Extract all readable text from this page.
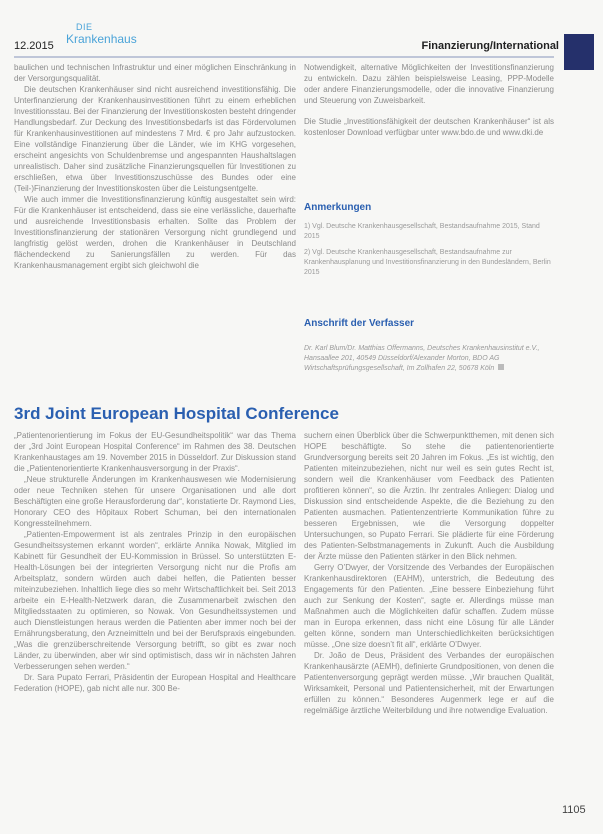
12.2015
DIE
Krankenhaus	Finanzierung/International

baulichen und technischen Infrastruktur und einer möglichen Einschränkung in der Versorgungsqualität.

Die deutschen Krankenhäuser sind nicht ausreichend investitionsfähig. Die Unterfinanzierung der Krankenhausinvestitionen führt zu einem erheblichen Investitionsstau. Bei der Finanzierung der Investitionskosten besteht dringender Handlungsbedarf. Zur Deckung des Investitionsbedarfs ist das Fördervolumen für Krankenhausinvestitionen auf mindestens 7 Mrd. € pro Jahr aufzustocken. Eine vollständige Finanzierung über die Länder, wie im KHG vorgesehen, erscheint angesichts von Schuldenbremse und angespannten Haushaltslagen unrealistisch. Daher sind zusätzliche Finanzierungsquellen für Investitionen zu erschließen, etwa über Investitionszuschüsse des Bundes oder eine (Teil-)Finanzierung der Investitionskosten über die Leistungsentgelte.

Wie auch immer die Investitionsfinanzierung künftig ausgestaltet sein wird: Für die Krankenhäuser ist entscheidend, dass sie eine verlässliche, dauerhafte und ausreichende Investitionsbasis erhalten. Sollte das Problem der Investitionsfinanzierung der stationären Versorgung nicht grundlegend und langfristig gelöst werden, drohen die Krankenhäuser in Deutschland flächendeckend zu Sanierungsfällen zu werden. Für das Krankenhausmanagement ergibt sich gleichwohl die

Notwendigkeit, alternative Möglichkeiten der Investitionsfinanzierung zu entwickeln. Dazu zählen beispielsweise Leasing, PPP-Modelle oder andere Finanzierungsmodelle, oder die innovative Finanzierung und Steuerung von Zuweisbarkeit.

Die Studie „Investitionsfähigkeit der deutschen Krankenhäuser“ ist als kostenloser Download verfügbar unter www.bdo.de und www.dki.de

Anmerkungen
1) Vgl. Deutsche Krankenhausgesellschaft, Bestandsaufnahme 2015, Stand 2015
2) Vgl. Deutsche Krankenhausgesellschaft, Bestandsaufnahme zur Krankenhausplanung und Investitionsfinanzierung in den Bundesländern, Berlin 2015
Anschrift der Verfasser
Dr. Karl Blum/Dr. Matthias Offermanns, Deutsches Krankenhausinstitut e.V., Hansaallee 201, 40549 Düsseldorf/Alexander Morton, BDO AG Wirtschaftsprüfungsgesellschaft, Im Zollhafen 22, 50678 Köln
3rd Joint European Hospital Conference

„Patientenorientierung im Fokus der EU-Gesundheitspolitik“ war das Thema der „3rd Joint European Hospital Conference“ im Rahmen des 38. Deutschen Krankenhaustages am 19. November 2015 in Düsseldorf. Zur Diskussion stand die „Patientenorientierte Krankenhausversorgung in der Praxis“.

„Neue strukturelle Änderungen im Krankenhauswesen wie Modernisierung oder neue Techniken stehen für unsere Organisationen und alle dort Beschäftigten eine große Herausforderung dar“, konstatierte Dr. Raymond Lies, Honorary CEO des Hôpitaux Robert Schuman, bei den internationalen Kongressteilnehmern.

„Patienten-Empowerment ist als zentrales Prinzip in den europäischen Gesundheitssystemen erkannt worden“, erklärte Annika Nowak, Mitglied im Kabinett für Gesundheit der EU-Kommission in Brüssel. So unterstützten E-Health-Lösungen bei der integrierten Versorgung nicht nur die Profis am Arbeitsplatz, sondern würden auch dabei helfen, die Patienten besser miteinzubeziehen. Inhaltlich liege dies so mehr Wirtschaftlichkeit bei. Seit 2013 arbeite ein E-Health-Netzwerk daran, die Zusammenarbeit zwischen den Mitgliedsstaaten zu optimieren, so Nowak. Von Gesundheitssystemen und auch Dienstleistungen heraus werden die Patienten aber immer noch bei der Ernährungsberatung, den Arzneimitteln und bei der Berufspraxis eingebunden. „Was die grenzüberschreitende Versorgung betrifft, so gibt es zwar noch Länder, zu überwinden, aber wir sind optimistisch, dass wir in nächsten Jahren Verbesserungen sehen werden.“

Dr. Sara Pupato Ferrari, Präsidentin der European Hospital and Healthcare Federation (HOPE), gab nicht alle nur. 300 Be-

suchern einen Überblick über die Schwerpunktthemen, mit denen sich HOPE beschäftigte. So stehe die patientenorientierte Grundversorgung bereits seit 20 Jahren im Fokus. „Es ist wichtig, den Patienten miteinzubeziehen, nicht nur weil es sein gutes Recht ist, sondern weil die Krankenhäuser vom Feedback des Patienten profitieren können“, so die Ärztin. Ihr zentrales Anliegen: Dialog und Diskussion sind entscheidende Aspekte, die die Beziehung zu den Patienten ausmachen. Patientenzentrierte Kommunikation führe zu besseren Ergebnissen, wie die Versorgung doppelter Untersuchungen, so Pupato Ferrari. Sie plädierte für eine Förderung des Patienten-Selbstmanagements in Zukunft. Auch die Ausbildung der Ärzte müsse den Patienten stärker in den Blick nehmen.

Gerry O’Dwyer, der Vorsitzende des Verbandes der Europäischen Krankenhausdirektoren (EAHM), unterstrich, die Bedeutung des Engagements für den Patienten. „Eine bessere Einbeziehung führt auch zur Senkung der Kosten“, sagte er. Allerdings müsse man Maßnahmen auch die Möglichkeiten dafür schaffen. Zudem müsse man in Europa erkennen, dass nicht eine Lösung für alle Länder gelten könne, sondern man Unterschiedlichkeiten berücksichtigen müsse. „One size doesn’t fit all“, erklärte O’Dwyer.

Dr. João de Deus, Präsident des Verbandes der europäischen Krankenhausärzte (AEMH), definierte Grundpositionen, von denen die Patientenversorgung geprägt werden müsse. „Wir brauchen Qualität, Wirksamkeit, Personal und Patientensicherheit, mit der Erwartungen erfüllen zu können.“ Besonderes Augenmerk lege er auf die regelmäßige ärztliche Weiterbildung und ihre notwendige Evaluation.

1105
